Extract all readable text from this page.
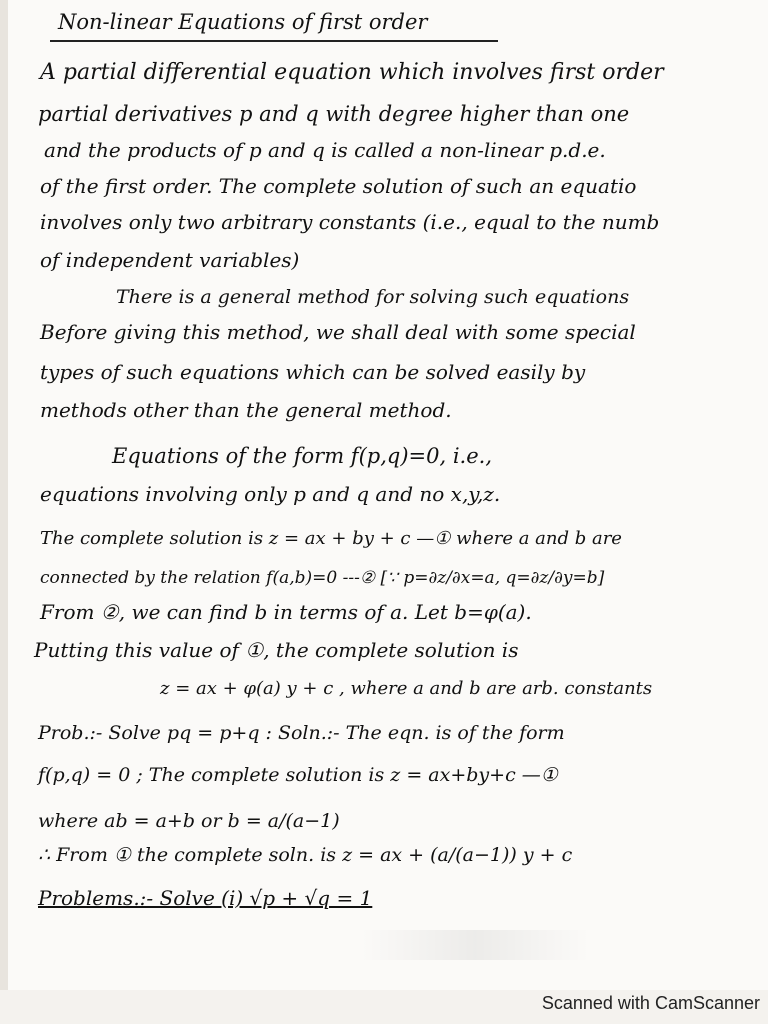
Non-linear Equations of first order
A partial differential equation which involves first order
partial derivatives p and q with degree higher than one
and the products of p and q is called a non-linear p.d.e.
of the first order. The complete solution of such an equatio
involves only two arbitrary constants (i.e., equal to the numb
of independent variables)
There is a general method for solving such equations
Before giving this method, we shall deal with some special
types of such equations which can be solved easily by
methods other than the general method.
Equations of the form f(p,q)=0, i.e.,
equations involving only p and q and no x,y,z.
The complete solution is z = ax + by + c —① where a and b are
connected by the relation f(a,b)=0 ---② [∵ p=∂z/∂x=a, q=∂z/∂y=b]
From ②, we can find b in terms of a. Let b=φ(a).
Putting this value of ①, the complete solution is
z = ax + φ(a) y + c , where a and b are arb. constants
Prob.:- Solve pq = p+q : Soln.:- The eqn. is of the form
f(p,q) = 0 ; The complete solution is z = ax+by+c —①
where ab = a+b or b = a/(a−1)
∴ From ① the complete soln. is z = ax + (a/(a−1)) y + c
Problems.:- Solve (i) √p + √q = 1
Scanned with CamScanner
